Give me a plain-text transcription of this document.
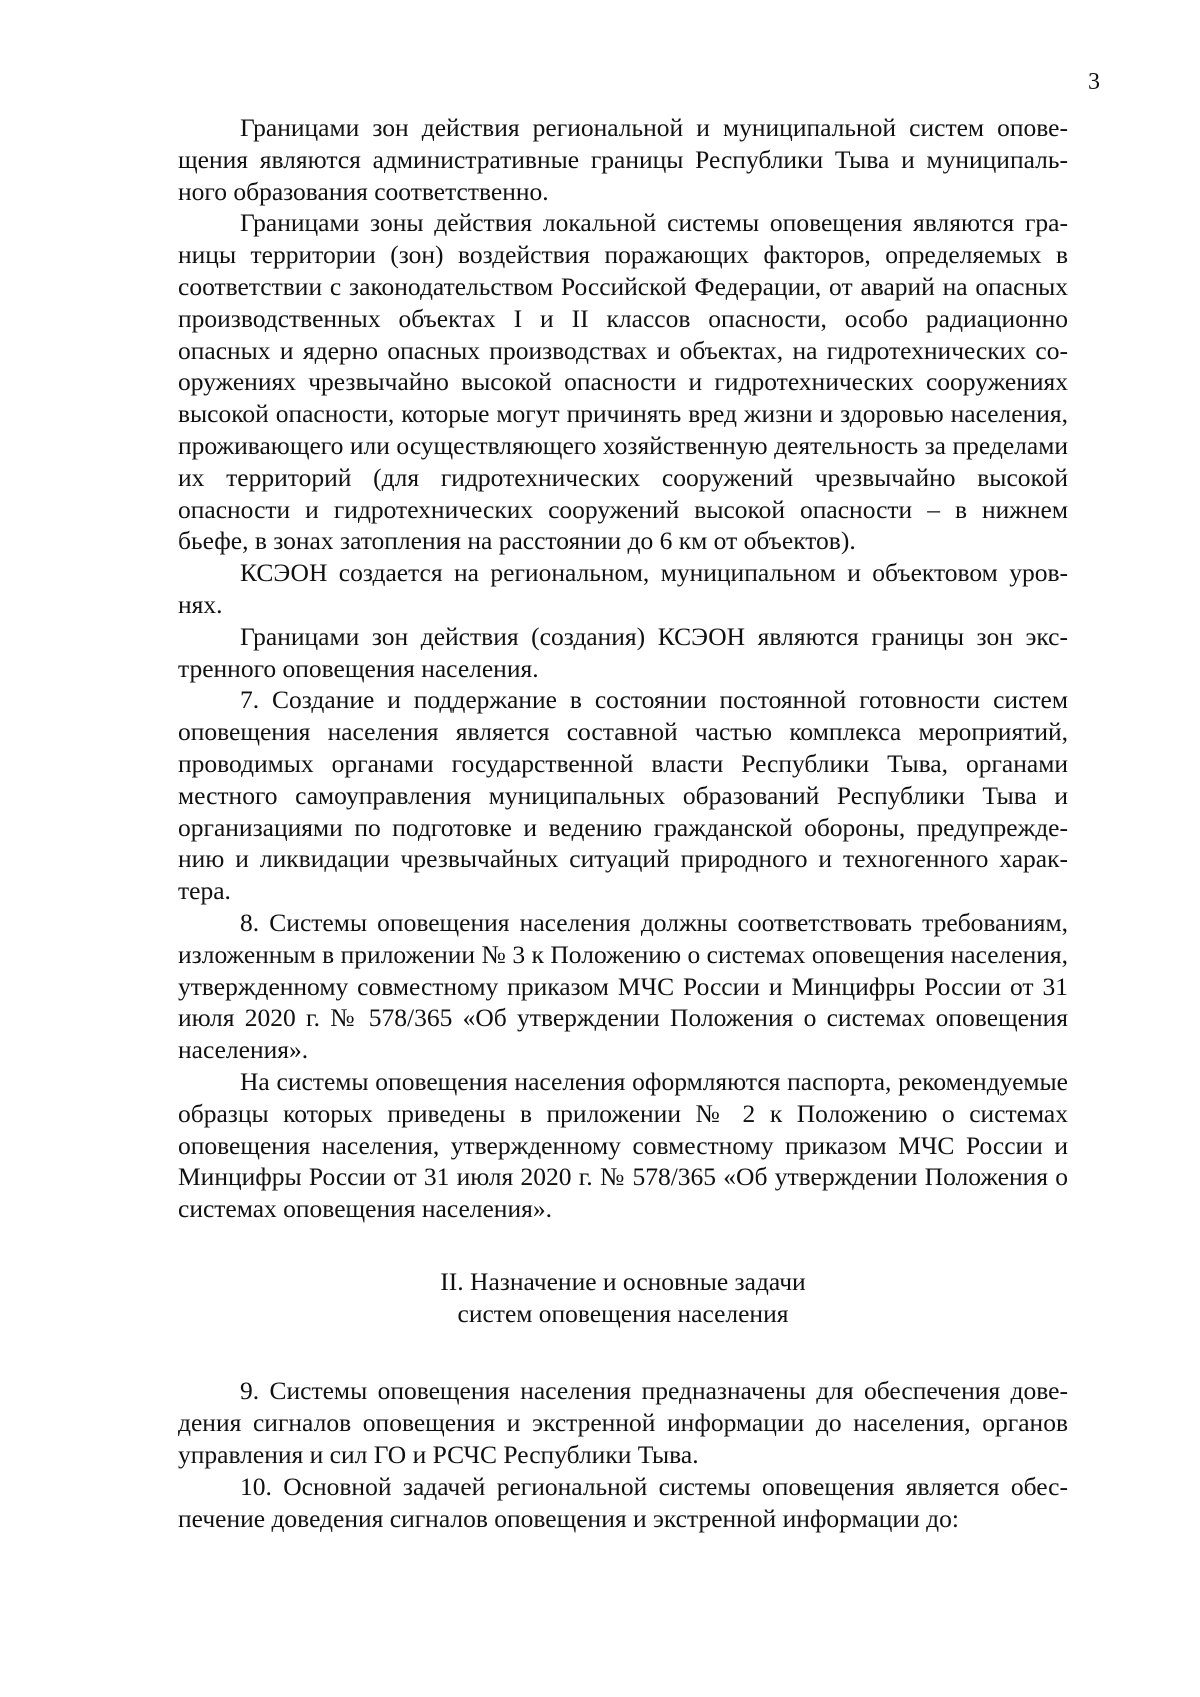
3

Границами зон действия региональной и муниципальной систем оповещения являются административные границы Республики Тыва и муниципального образования соответственно.

Границами зоны действия локальной системы оповещения являются границы территории (зон) воздействия поражающих факторов, определяемых в соответствии с законодательством Российской Федерации, от аварий на опасных производственных объектах I и II классов опасности, особо радиационно опасных и ядерно опасных производствах и объектах, на гидротехнических сооружениях чрезвычайно высокой опасности и гидротехнических сооружениях высокой опасности, которые могут причинять вред жизни и здоровью населения, проживающего или осуществляющего хозяйственную деятельность за пределами их территорий (для гидротехнических сооружений чрезвычайно высокой опасности и гидротехнических сооружений высокой опасности – в нижнем бьефе, в зонах затопления на расстоянии до 6 км от объектов).

КСЭОН создается на региональном, муниципальном и объектовом уровнях.

Границами зон действия (создания) КСЭОН являются границы зон экстренного оповещения населения.

7. Создание и поддержание в состоянии постоянной готовности систем оповещения населения является составной частью комплекса мероприятий, проводимых органами государственной власти Республики Тыва, органами местного самоуправления муниципальных образований Республики Тыва и организациями по подготовке и ведению гражданской обороны, предупреждению и ликвидации чрезвычайных ситуаций природного и техногенного характера.

8. Системы оповещения населения должны соответствовать требованиям, изложенным в приложении № 3 к Положению о системах оповещения населения, утвержденному совместному приказом МЧС России и Минцифры России от 31 июля 2020 г. № 578/365 «Об утверждении Положения о системах оповещения населения».

На системы оповещения населения оформляются паспорта, рекомендуемые образцы которых приведены в приложении № 2 к Положению о системах оповещения населения, утвержденному совместному приказом МЧС России и Минцифры России от 31 июля 2020 г. № 578/365 «Об утверждении Положения о системах оповещения населения».

II. Назначение и основные задачи
систем оповещения населения

9. Системы оповещения населения предназначены для обеспечения доведения сигналов оповещения и экстренной информации до населения, органов управления и сил ГО и РСЧС Республики Тыва.

10. Основной задачей региональной системы оповещения является обеспечение доведения сигналов оповещения и экстренной информации до:
